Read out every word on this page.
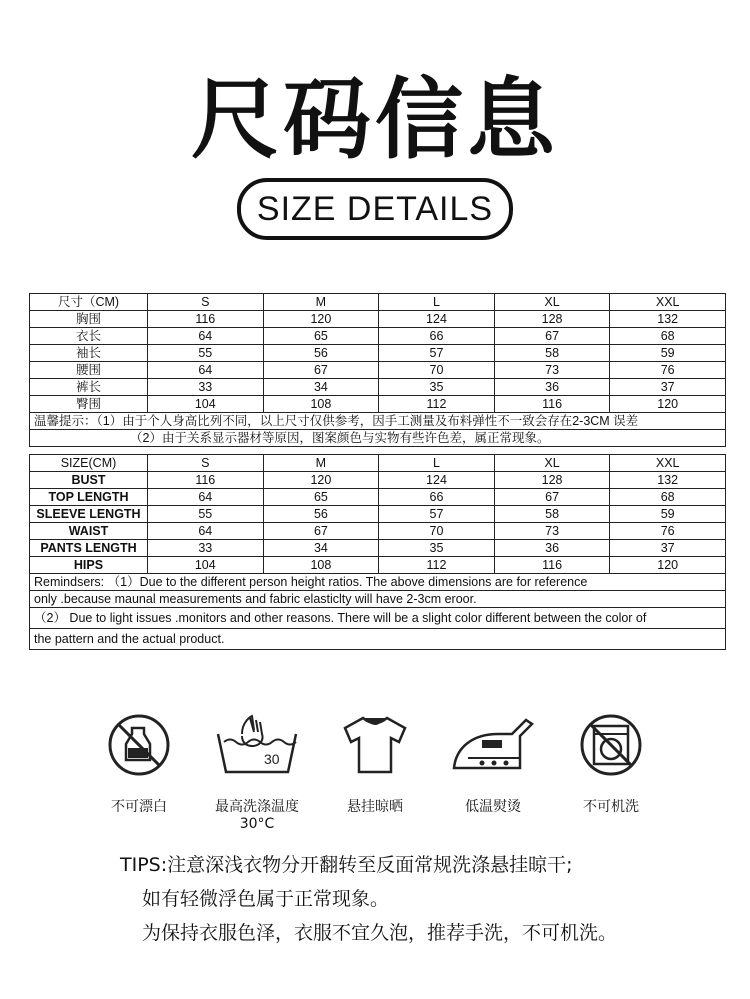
尺码信息
SIZE DETAILS
尺寸（CM)	S	M	L	XL	XXL
胸围	116	120	124	128	132
衣长	64	65	66	67	68
袖长	55	56	57	58	59
腰围	64	67	70	73	76
裤长	33	34	35	36	37
臀围	104	108	112	116	120
温馨提示：（1）由于个人身高比列不同，以上尺寸仅供参考，因手工测量及布料弹性不一致会存在2-3CM 误差					
（2）由于关系显示器材等原因，图案颜色与实物有些许色差，属正常现象。					
SIZE(CM)	S	M	L	XL	XXL
BUST	116	120	124	128	132
TOP LENGTH	64	65	66	67	68
SLEEVE LENGTH	55	56	57	58	59
WAIST	64	67	70	73	76
PANTS LENGTH	33	34	35	36	37
HIPS	104	108	112	116	120
Remindsers: （1）Due to the different person height ratios. The above dimensions are for reference					
only .because maunal measurements and fabric elasticlty will have 2-3cm eroor.					
（2） Due to light issues .monitors and other reasons. There will be a slight color different between the color of					
the pattern and the actual product.					
不可漂白
30
最高洗涤温度30°C
悬挂晾晒	低温熨烫	不可机洗
TIPS:注意深浅衣物分开翻转至反面常规洗涤悬挂晾干;
如有轻微浮色属于正常现象。
为保持衣服色泽，衣服不宜久泡，推荐手洗，不可机洗。
